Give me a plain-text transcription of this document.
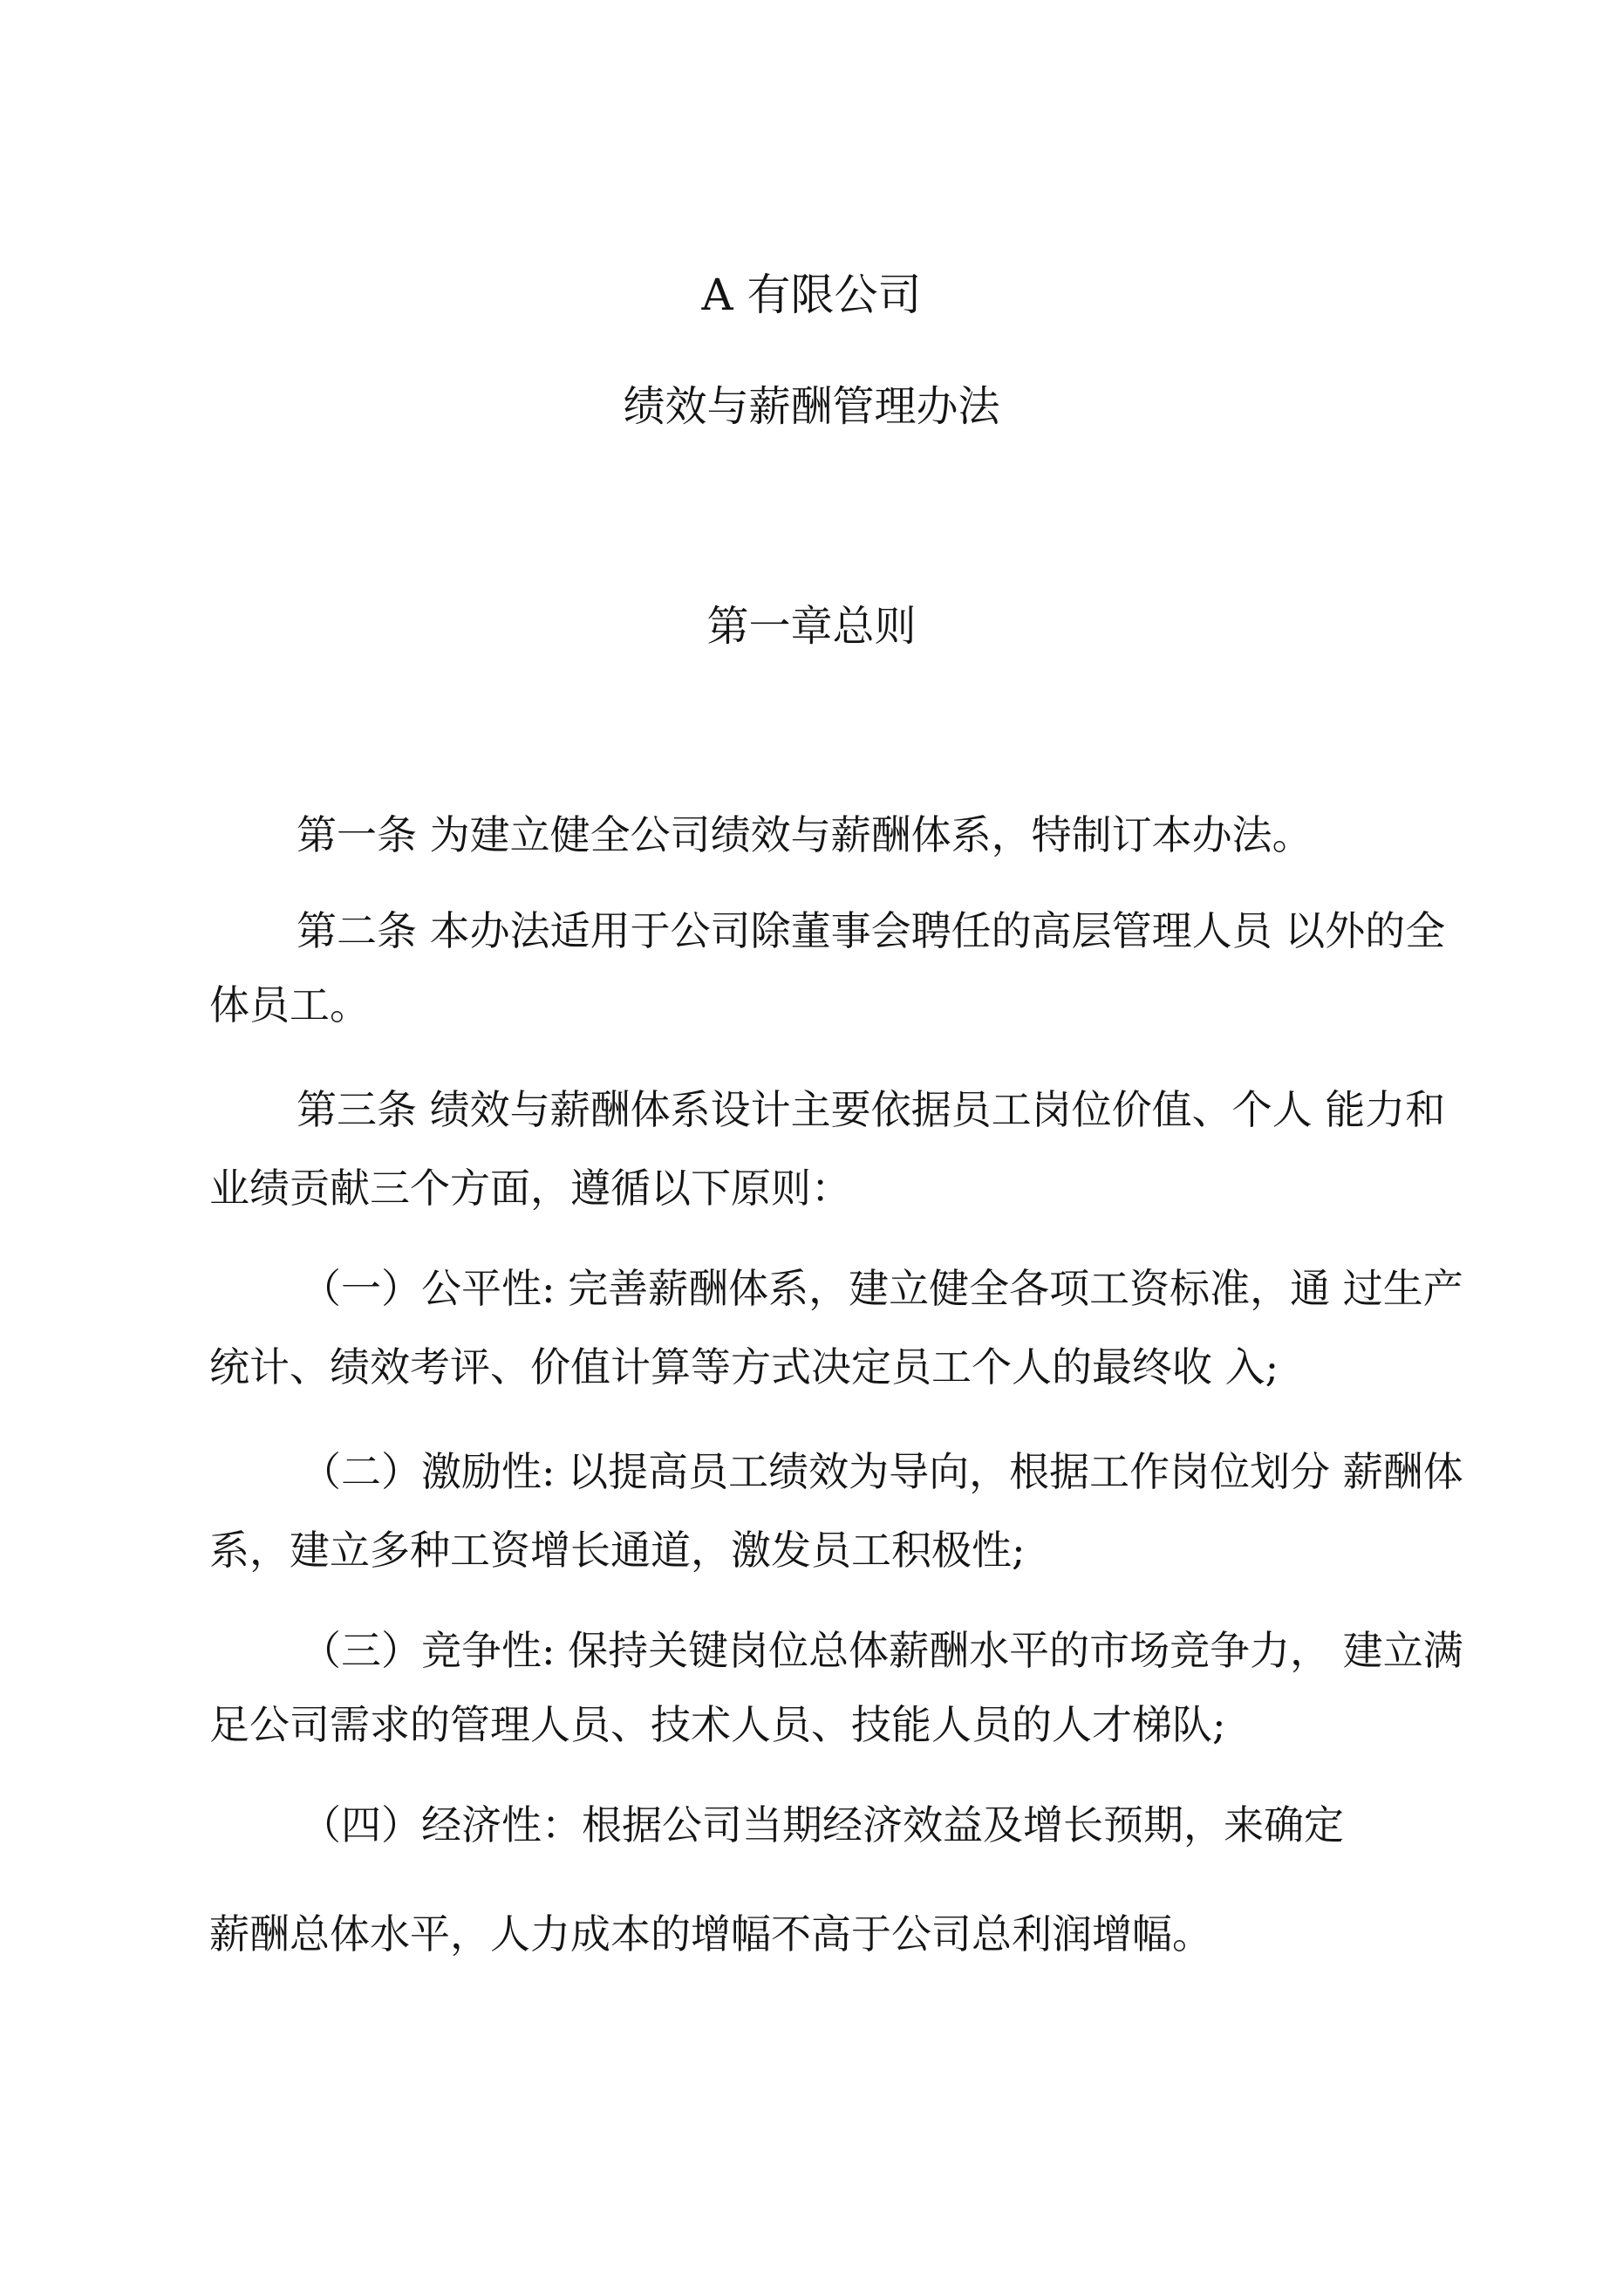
A 有限公司
绩效与薪酬管理办法
第一章总则
第一条 为建立健全公司绩效与薪酬体系，特制订本办法。
第二条 本办法适用于公司除董事会聘任的高层管理人员 以外的全
体员工。
第三条 绩效与薪酬体系设计主要依据员工岗位价值、个人 能力和
业绩贡献三个方面，遵循以下原则：
（一）公平性: 完善薪酬体系，建立健全各项工资标准，通 过生产
统计、绩效考评、价值计算等方式决定员工个人的最终收 入;
（二）激励性: 以提高员工绩效为导向，根据工作岗位划分 薪酬体
系，建立多种工资增长通道，激发员工积极性;
（三）竞争性: 保持关键岗位总体薪酬水平的市场竞争力， 建立满
足公司需求的管理人员、技术人员、技能人员的人才梯队;
（四）经济性：根据公司当期经济效益及增长预期，来确定
薪酬总体水平，人力成本的增幅不高于公司总利润增幅。
